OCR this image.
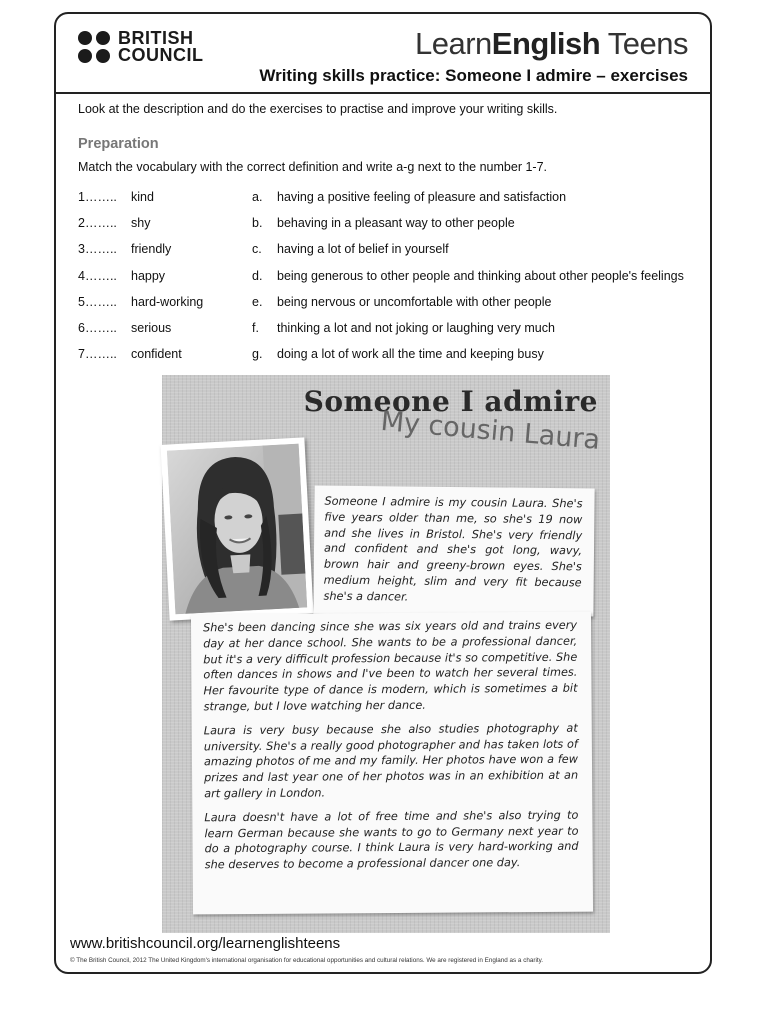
BRITISH
COUNCIL	LearnEnglish Teens
Writing skills practice: Someone I admire – exercises
Look at the description and do the exercises to practise and improve your writing skills.
Preparation
Match the vocabulary with the correct definition and write a-g next to the number 1-7.
1…….. kind	a. having a positive feeling of pleasure and satisfaction
2…….. shy	b. behaving in a pleasant way to other people
3…….. friendly	c. having a lot of belief in yourself
4…….. happy	d. being generous to other people and thinking about other people's feelings
5…….. hard-working	e. being nervous or uncomfortable with other people
6…….. serious	f. thinking a lot and not joking or laughing very much
7…….. confident	g. doing a lot of work all the time and keeping busy
Someone I admire
My cousin Laura

Someone I admire is my cousin Laura. She's five years older than me, so she's 19 now and she lives in Bristol. She's very friendly and confident and she's got long, wavy, brown hair and greeny-brown eyes. She's medium height, slim and very fit because she's a dancer.

She's been dancing since she was six years old and trains every day at her dance school. She wants to be a professional dancer, but it's a very difficult profession because it's so competitive. She often dances in shows and I've been to watch her several times. Her favourite type of dance is modern, which is sometimes a bit strange, but I love watching her dance.

Laura is very busy because she also studies photography at university. She's a really good photographer and has taken lots of amazing photos of me and my family. Her photos have won a few prizes and last year one of her photos was in an exhibition at an art gallery in London.

Laura doesn't have a lot of free time and she's also trying to learn German because she wants to go to Germany next year to do a photography course. I think Laura is very hard-working and she deserves to become a professional dancer one day.

www.britishcouncil.org/learnenglishteens
© The British Council, 2012 The United Kingdom's international organisation for educational opportunities and cultural relations. We are registered in England as a charity.
